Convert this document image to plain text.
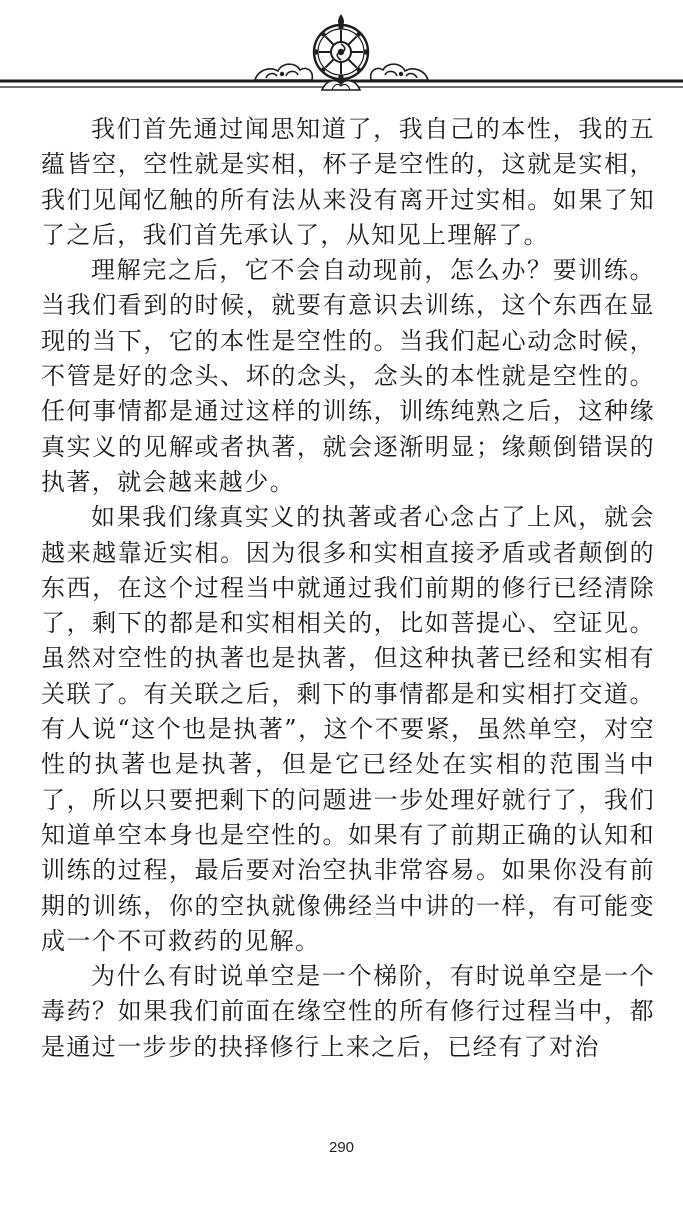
我们首先通过闻思知道了，我自己的本性，我的五蕴皆空，空性就是实相，杯子是空性的，这就是实相，我们见闻忆触的所有法从来没有离开过实相。如果了知了之后，我们首先承认了，从知见上理解了。

理解完之后，它不会自动现前，怎么办？要训练。当我们看到的时候，就要有意识去训练，这个东西在显现的当下，它的本性是空性的。当我们起心动念时候，不管是好的念头、坏的念头，念头的本性就是空性的。任何事情都是通过这样的训练，训练纯熟之后，这种缘真实义的见解或者执著，就会逐渐明显；缘颠倒错误的执著，就会越来越少。

如果我们缘真实义的执著或者心念占了上风，就会越来越靠近实相。因为很多和实相直接矛盾或者颠倒的东西，在这个过程当中就通过我们前期的修行已经清除了，剩下的都是和实相相关的，比如菩提心、空证见。虽然对空性的执著也是执著，但这种执著已经和实相有关联了。有关联之后，剩下的事情都是和实相打交道。有人说“这个也是执著”，这个不要紧，虽然单空，对空性的执著也是执著，但是它已经处在实相的范围当中了，所以只要把剩下的问题进一步处理好就行了，我们知道单空本身也是空性的。如果有了前期正确的认知和训练的过程，最后要对治空执非常容易。如果你没有前期的训练，你的空执就像佛经当中讲的一样，有可能变成一个不可救药的见解。

为什么有时说单空是一个梯阶，有时说单空是一个毒药？如果我们前面在缘空性的所有修行过程当中，都是通过一步步的抉择修行上来之后，已经有了对治

290
